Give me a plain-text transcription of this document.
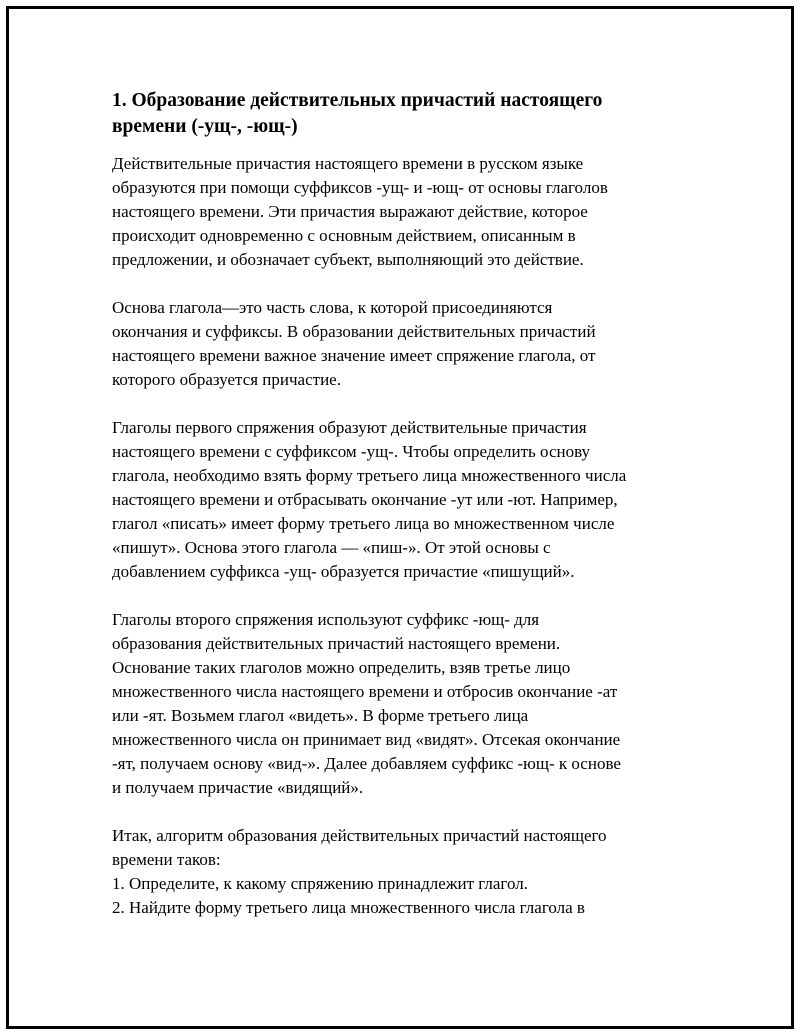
1. Образование действительных причастий настоящего
времени (-ущ-, -ющ-)

Действительные причастия настоящего времени в русском языке
образуются при помощи суффиксов -ущ- и -ющ- от основы глаголов
настоящего времени. Эти причастия выражают действие, которое
происходит одновременно с основным действием, описанным в
предложении, и обозначает субъект, выполняющий это действие.

Основа глагола—это часть слова, к которой присоединяются
окончания и суффиксы. В образовании действительных причастий
настоящего времени важное значение имеет спряжение глагола, от
которого образуется причастие.

Глаголы первого спряжения образуют действительные причастия
настоящего времени с суффиксом -ущ-. Чтобы определить основу
глагола, необходимо взять форму третьего лица множественного числа
настоящего времени и отбрасывать окончание -ут или -ют. Например,
глагол «писать» имеет форму третьего лица во множественном числе
«пишут». Основа этого глагола — «пиш-». От этой основы с
добавлением суффикса -ущ- образуется причастие «пишущий».

Глаголы второго спряжения используют суффикс -ющ- для
образования действительных причастий настоящего времени.
Основание таких глаголов можно определить, взяв третье лицо
множественного числа настоящего времени и отбросив окончание -ат
или -ят. Возьмем глагол «видеть». В форме третьего лица
множественного числа он принимает вид «видят». Отсекая окончание
-ят, получаем основу «вид-». Далее добавляем суффикс -ющ- к основе
и получаем причастие «видящий».

Итак, алгоритм образования действительных причастий настоящего
времени таков:
1. Определите, к какому спряжению принадлежит глагол.
2. Найдите форму третьего лица множественного числа глагола в
